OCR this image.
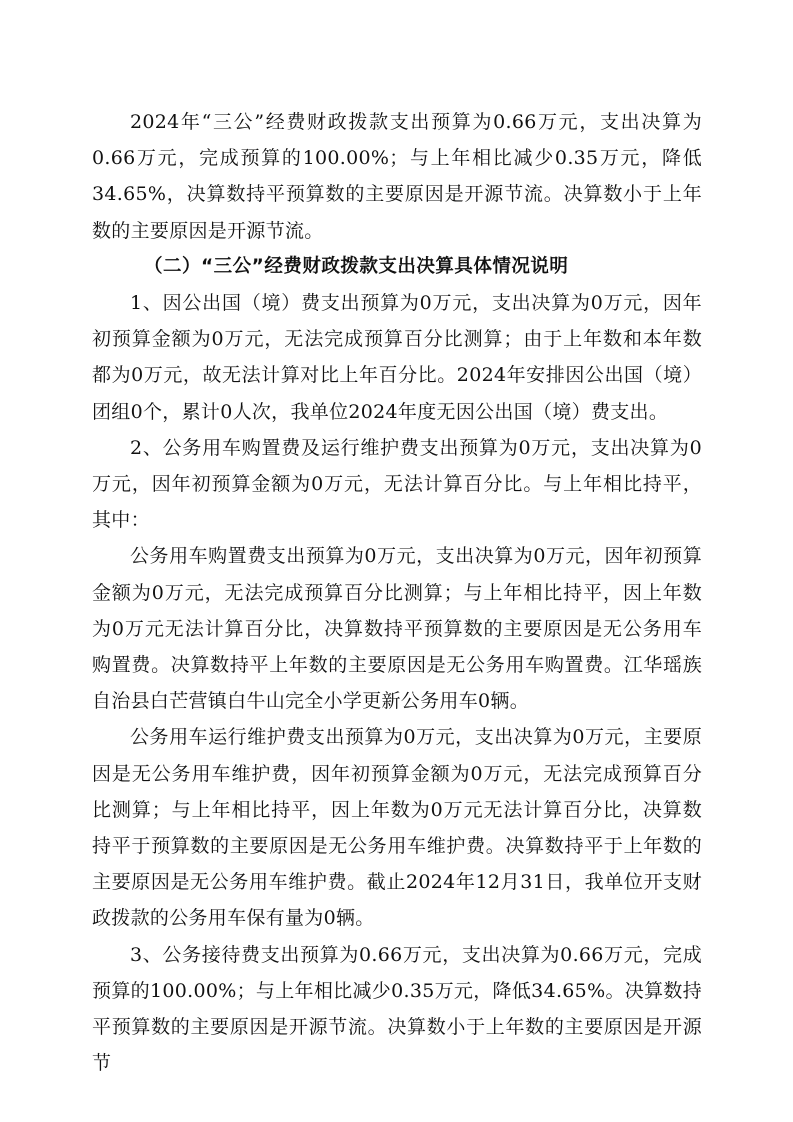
2024年“三公”经费财政拨款支出预算为0.66万元，支出决算为0.66万元，完成预算的100.00%；与上年相比减少0.35万元，降低34.65%，决算数持平预算数的主要原因是开源节流。决算数小于上年数的主要原因是开源节流。

（二）“三公”经费财政拨款支出决算具体情况说明

1、因公出国（境）费支出预算为0万元，支出决算为0万元，因年初预算金额为0万元，无法完成预算百分比测算；由于上年数和本年数都为0万元，故无法计算对比上年百分比。2024年安排因公出国（境）团组0个，累计0人次，我单位2024年度无因公出国（境）费支出。

2、公务用车购置费及运行维护费支出预算为0万元，支出决算为0万元，因年初预算金额为0万元，无法计算百分比。与上年相比持平，其中：

公务用车购置费支出预算为0万元，支出决算为0万元，因年初预算金额为0万元，无法完成预算百分比测算；与上年相比持平，因上年数为0万元无法计算百分比，决算数持平预算数的主要原因是无公务用车购置费。决算数持平上年数的主要原因是无公务用车购置费。江华瑶族自治县白芒营镇白牛山完全小学更新公务用车0辆。

公务用车运行维护费支出预算为0万元，支出决算为0万元，主要原因是无公务用车维护费，因年初预算金额为0万元，无法完成预算百分比测算；与上年相比持平，因上年数为0万元无法计算百分比，决算数持平于预算数的主要原因是无公务用车维护费。决算数持平于上年数的主要原因是无公务用车维护费。截止2024年12月31日，我单位开支财政拨款的公务用车保有量为0辆。

3、公务接待费支出预算为0.66万元，支出决算为0.66万元，完成预算的100.00%；与上年相比减少0.35万元，降低34.65%。决算数持平预算数的主要原因是开源节流。决算数小于上年数的主要原因是开源节
